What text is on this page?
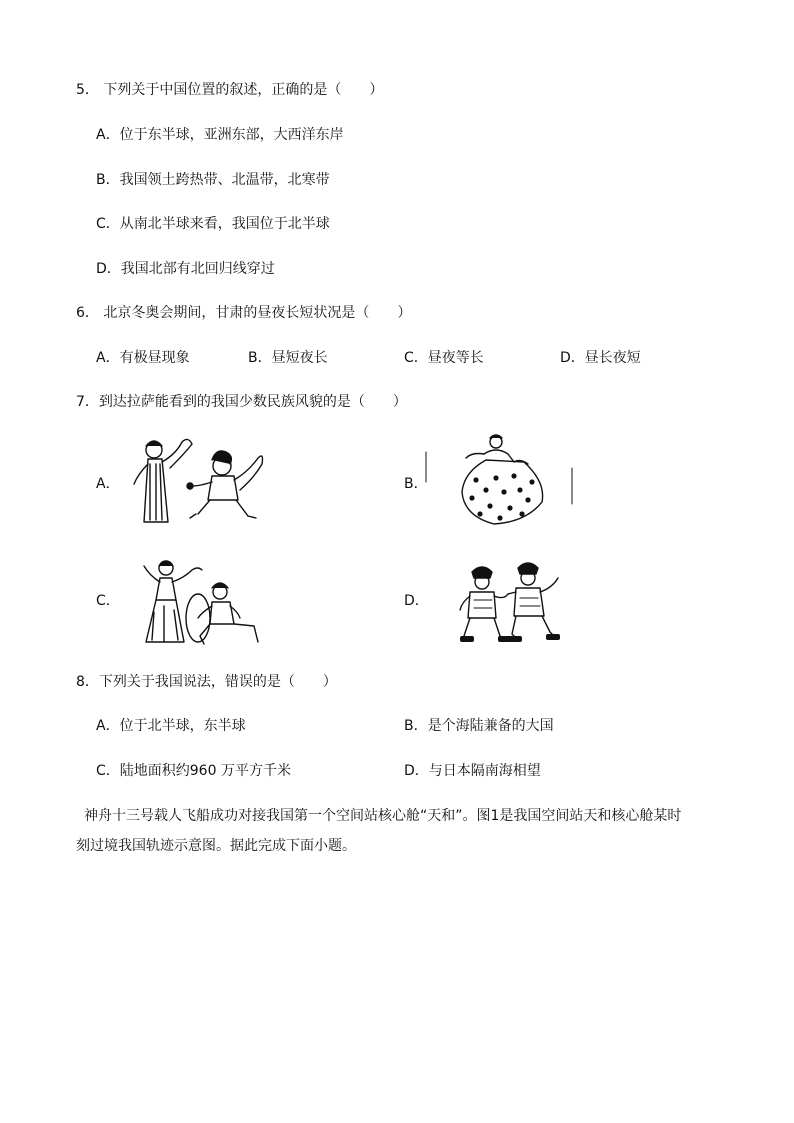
5． 下列关于中国位置的叙述，正确的是（　　）
A．位于东半球，亚洲东部，大西洋东岸
B．我国领土跨热带、北温带，北寒带
C．从南北半球来看，我国位于北半球
D．我国北部有北回归线穿过
6． 北京冬奥会期间，甘肃的昼夜长短状况是（　　）
A．有极昼现象	B．昼短夜长	C．昼夜等长	D．昼长夜短
7．到达拉萨能看到的我国少数民族风貌的是（　　）
A．	B．
C．	D．
8．下列关于我国说法，错误的是（　　）
A．位于北半球，东半球	B．是个海陆兼备的大国
C．陆地面积约960 万平方千米	D．与日本隔南海相望
神舟十三号载人飞船成功对接我国第一个空间站核心舱“天和”。图1是我国空间站天和核心舱某时
刻过境我国轨迹示意图。据此完成下面小题。
